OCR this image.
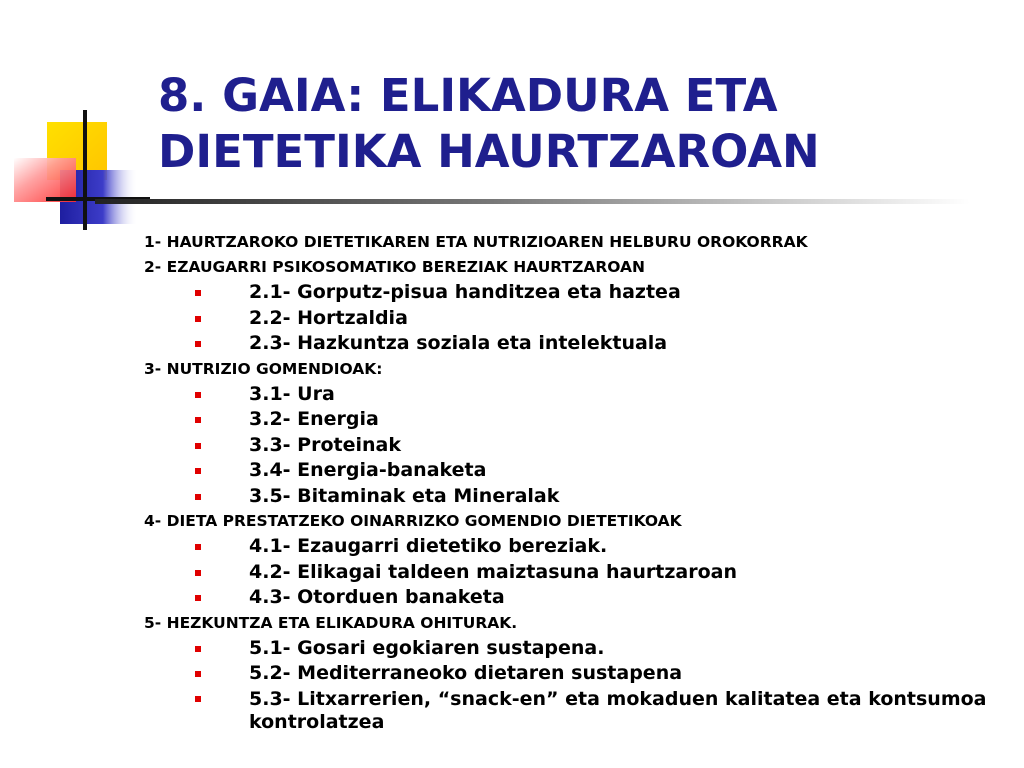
8. GAIA: ELIKADURA ETA
DIETETIKA HAURTZAROAN
1- HAURTZAROKO DIETETIKAREN ETA NUTRIZIOAREN HELBURU OROKORRAK
2- EZAUGARRI PSIKOSOMATIKO BEREZIAK HAURTZAROAN
2.1- Gorputz-pisua handitzea eta haztea
2.2- Hortzaldia
2.3- Hazkuntza soziala eta intelektuala
3- NUTRIZIO GOMENDIOAK:
3.1- Ura
3.2- Energia
3.3- Proteinak
3.4- Energia-banaketa
3.5- Bitaminak eta Mineralak
4- DIETA PRESTATZEKO OINARRIZKO GOMENDIO DIETETIKOAK
4.1- Ezaugarri dietetiko bereziak.
4.2- Elikagai taldeen maiztasuna haurtzaroan
4.3- Otorduen banaketa
5- HEZKUNTZA ETA ELIKADURA OHITURAK.
5.1- Gosari egokiaren sustapena.
5.2- Mediterraneoko dietaren sustapena
5.3- Litxarrerien, “snack-en” eta mokaduen kalitatea eta kontsumoa kontrolatzea
